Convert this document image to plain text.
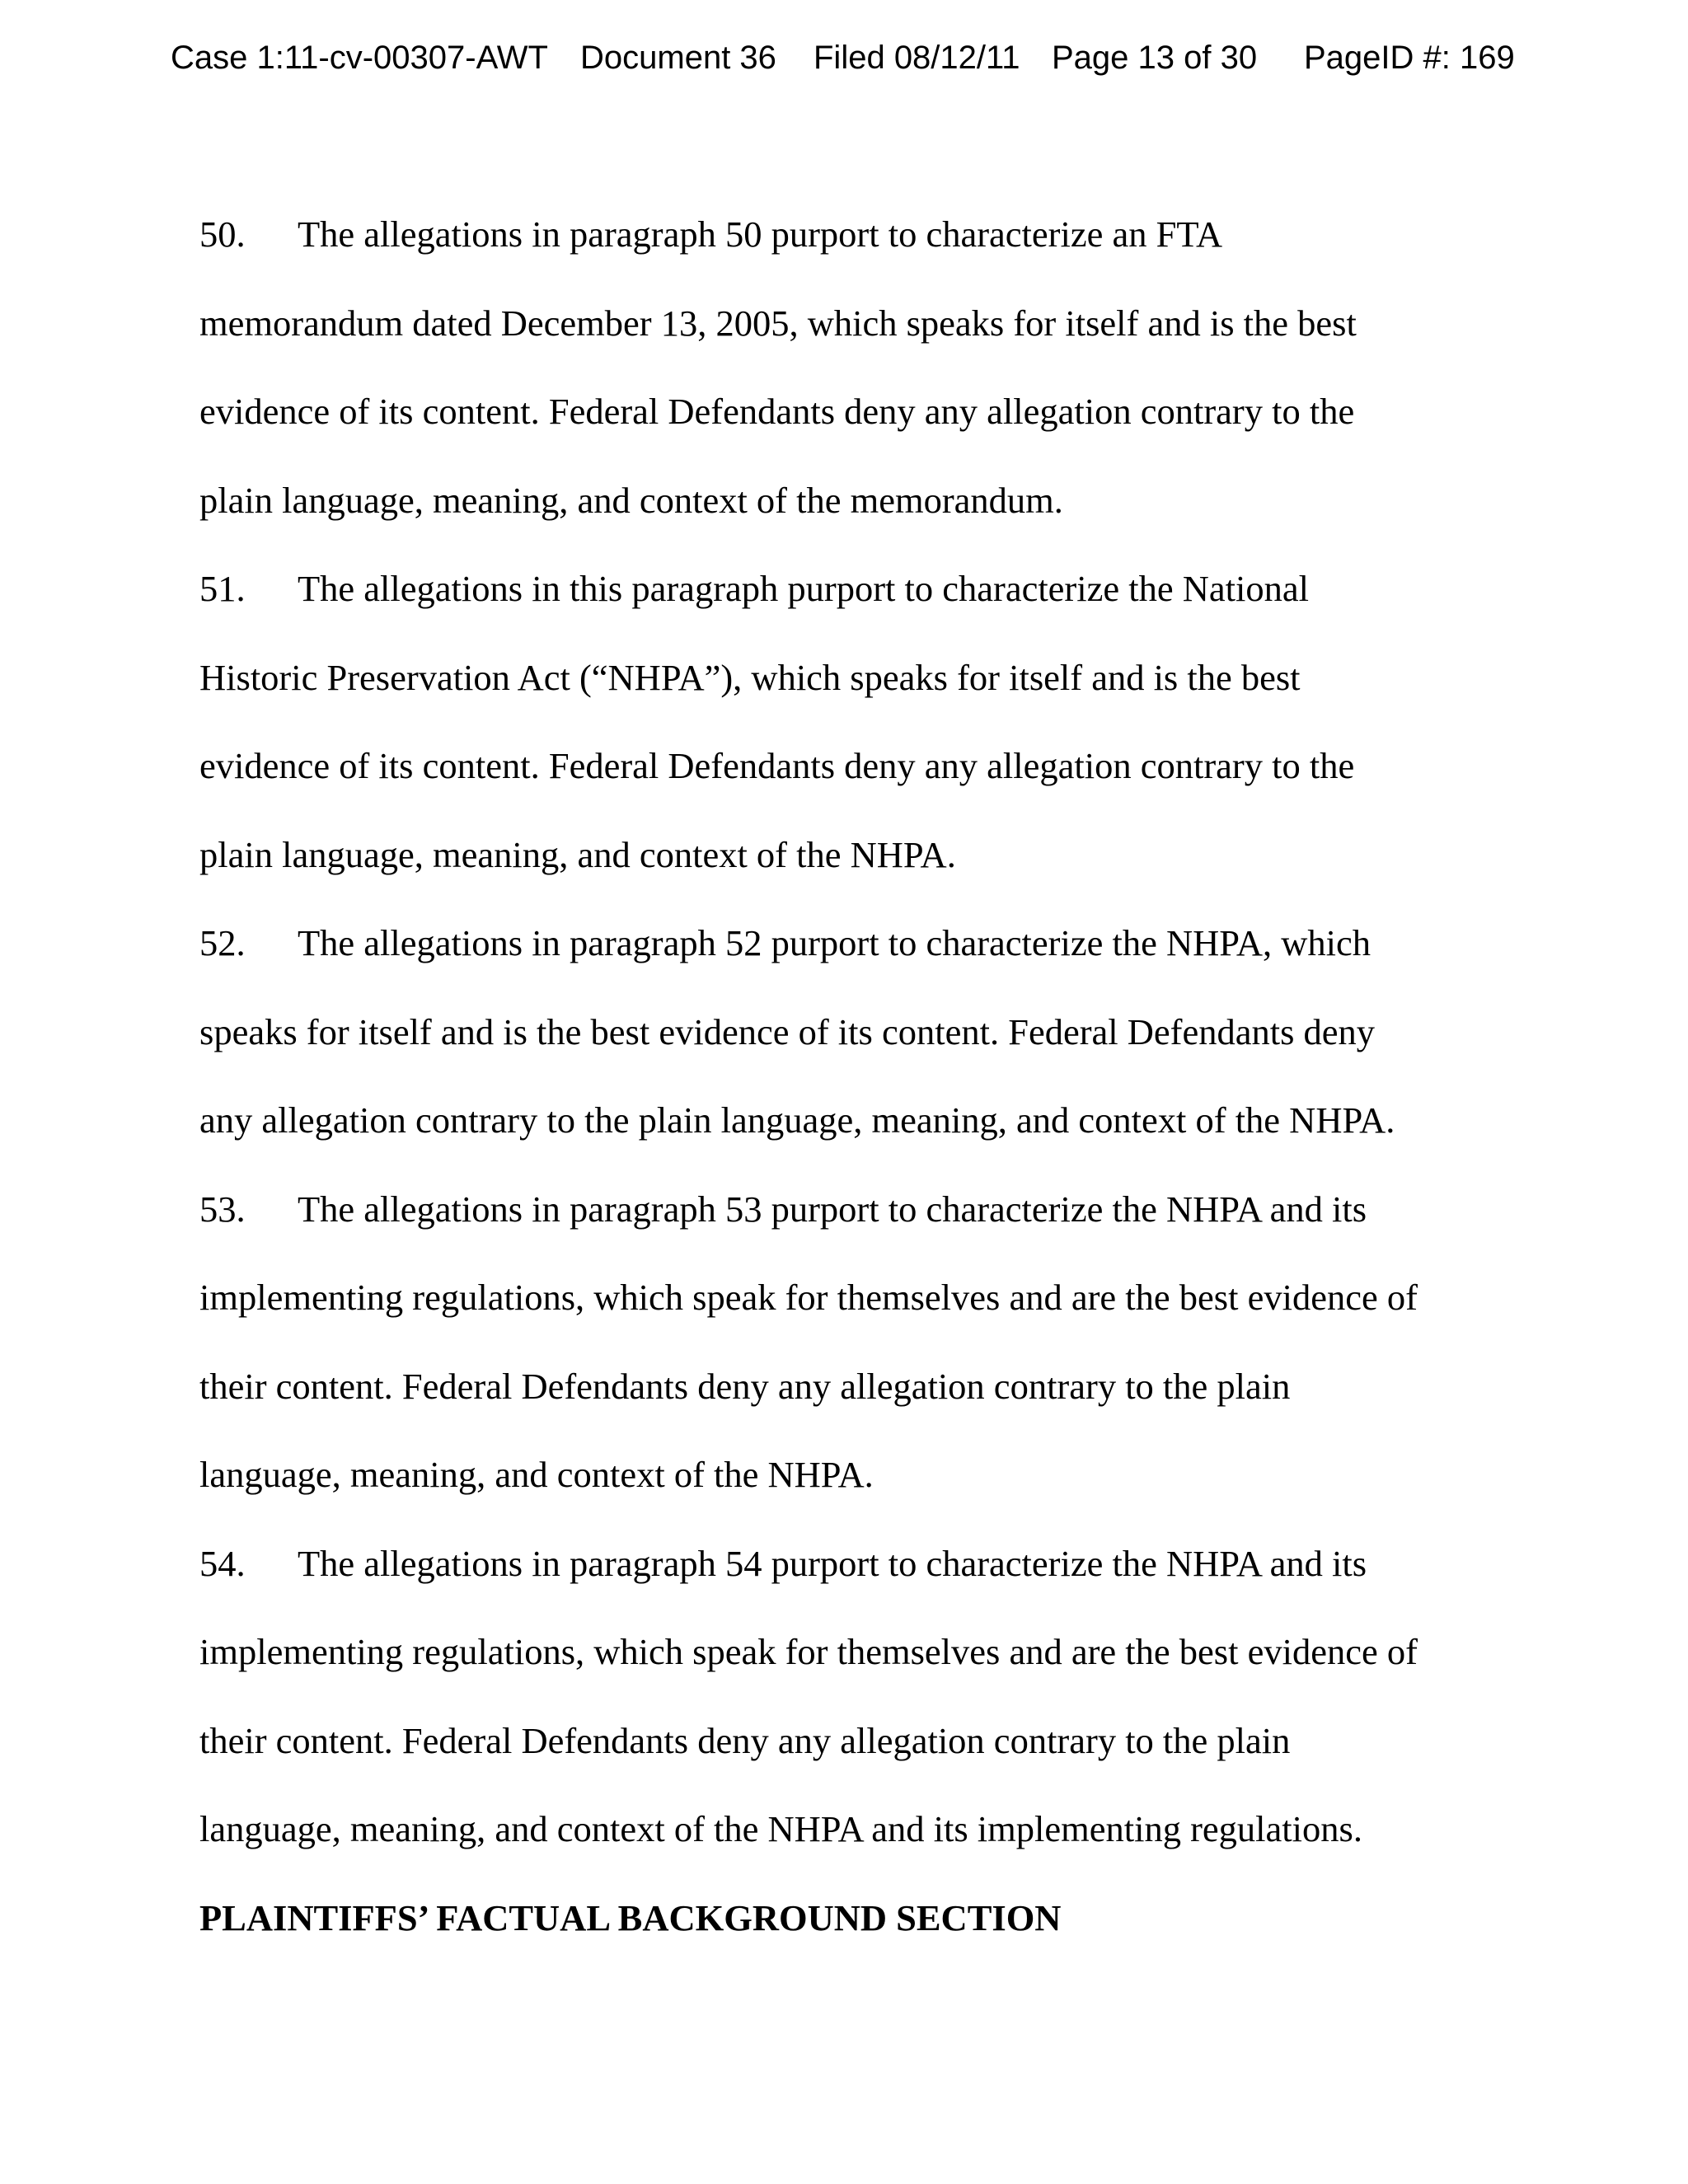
Case 1:11-cv-00307-AWT Document 36 Filed 08/12/11 Page 13 of 30 PageID #: 169
50. The allegations in paragraph 50 purport to characterize an FTA
memorandum dated December 13, 2005, which speaks for itself and is the best
evidence of its content. Federal Defendants deny any allegation contrary to the
plain language, meaning, and context of the memorandum.
51. The allegations in this paragraph purport to characterize the National
Historic Preservation Act (“NHPA”), which speaks for itself and is the best
evidence of its content. Federal Defendants deny any allegation contrary to the
plain language, meaning, and context of the NHPA.
52. The allegations in paragraph 52 purport to characterize the NHPA, which
speaks for itself and is the best evidence of its content. Federal Defendants deny
any allegation contrary to the plain language, meaning, and context of the NHPA.
53. The allegations in paragraph 53 purport to characterize the NHPA and its
implementing regulations, which speak for themselves and are the best evidence of
their content. Federal Defendants deny any allegation contrary to the plain
language, meaning, and context of the NHPA.
54. The allegations in paragraph 54 purport to characterize the NHPA and its
implementing regulations, which speak for themselves and are the best evidence of
their content. Federal Defendants deny any allegation contrary to the plain
language, meaning, and context of the NHPA and its implementing regulations.
PLAINTIFFS’ FACTUAL BACKGROUND SECTION
